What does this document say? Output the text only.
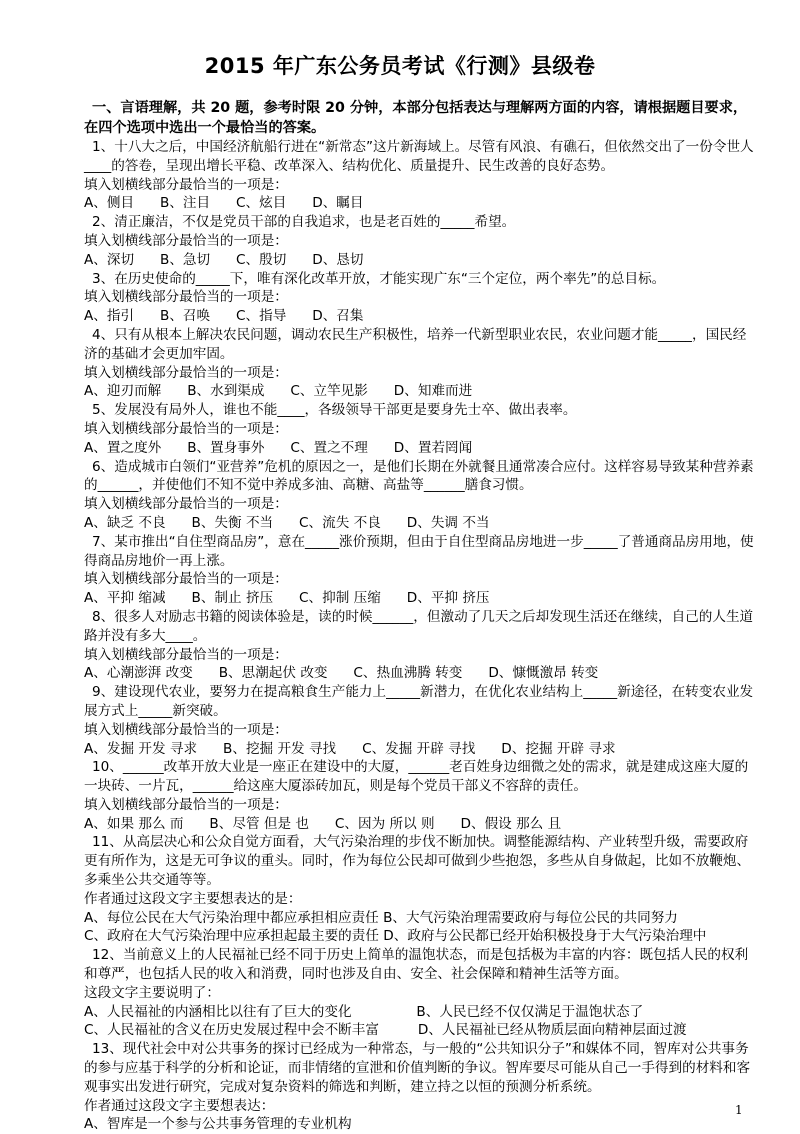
2015 年广东公务员考试《行测》县级卷
一、言语理解，共 20 题，参考时限 20 分钟，本部分包括表达与理解两方面的内容，请根据题目要求，在四个选项中选出一个最恰当的答案。
1、十八大之后，中国经济航船行进在“新常态”这片新海域上。尽管有风浪、有礁石，但依然交出了一份令世人____的答卷，呈现出增长平稳、改革深入、结构优化、质量提升、民生改善的良好态势。
填入划横线部分最恰当的一项是：
A、侧目      B、注目      C、炫目      D、瞩目
2、清正廉洁，不仅是党员干部的自我追求，也是老百姓的_____希望。
填入划横线部分最恰当的一项是：
A、深切      B、急切      C、殷切      D、恳切
3、在历史使命的_____下，唯有深化改革开放，才能实现广东“三个定位，两个率先”的总目标。
填入划横线部分最恰当的一项是：
A、指引      B、召唤      C、指导      D、召集
4、只有从根本上解决农民问题，调动农民生产积极性，培养一代新型职业农民，农业问题才能_____，国民经济的基础才会更加牢固。
填入划横线部分最恰当的一项是：
A、迎刃而解      B、水到渠成      C、立竿见影      D、知难而进
5、发展没有局外人，谁也不能____，各级领导干部更是要身先士卒、做出表率。
填入划横线部分最恰当的一项是：
A、置之度外      B、置身事外      C、置之不理      D、置若罔闻
6、造成城市白领们“亚营养”危机的原因之一，是他们长期在外就餐且通常凑合应付。这样容易导致某种营养素的______，并使他们不知不觉中养成多油、高糖、高盐等______膳食习惯。
填入划横线部分最恰当的一项是：
A、缺乏 不良      B、失衡 不当      C、流失 不良      D、失调 不当
7、某市推出“自住型商品房”，意在_____涨价预期，但由于自住型商品房地进一步_____了普通商品房用地，使得商品房地价一再上涨。
填入划横线部分最恰当的一项是：
A、平抑 缩减      B、制止 挤压      C、抑制 压缩      D、平抑 挤压
8、很多人对励志书籍的阅读体验是，读的时候______，但激动了几天之后却发现生活还在继续，自己的人生道路并没有多大____。
填入划横线部分最恰当的一项是：
A、心潮澎湃 改变      B、思潮起伏 改变      C、热血沸腾 转变      D、慷慨激昂 转变
9、建设现代农业，要努力在提高粮食生产能力上_____新潜力，在优化农业结构上_____新途径，在转变农业发展方式上_____新突破。
填入划横线部分最恰当的一项是：
A、发掘 开发 寻求      B、挖掘 开发 寻找      C、发掘 开辟 寻找      D、挖掘 开辟 寻求
10、______改革开放大业是一座正在建设中的大厦，______老百姓身边细微之处的需求，就是建成这座大厦的一块砖、一片瓦，______给这座大厦添砖加瓦，则是每个党员干部义不容辞的责任。
填入划横线部分最恰当的一项是：
A、如果 那么 而      B、尽管 但是 也      C、因为 所以 则      D、假设 那么 且
11、从高层决心和公众自觉方面看，大气污染治理的步伐不断加快。调整能源结构、产业转型升级，需要政府更有所作为，这是无可争议的重头。同时，作为每位公民却可做到少些抱怨，多些从自身做起，比如不放鞭炮、多乘坐公共交通等等。
作者通过这段文字主要想表达的是：
A、每位公民在大气污染治理中都应承担相应责任 B、大气污染治理需要政府与每位公民的共同努力
C、政府在大气污染治理中应承担起最主要的责任 D、政府与公民都已经开始积极投身于大气污染治理中
12、当前意义上的人民福祉已经不同于历史上简单的温饱状态，而是包括极为丰富的内容：既包括人民的权利和尊严，也包括人民的收入和消费，同时也涉及自由、安全、社会保障和精神生活等方面。
这段文字主要说明了：
A、人民福祉的内涵相比以往有了巨大的变化               B、人民已经不仅仅满足于温饱状态了
C、人民福祉的含义在历史发展过程中会不断丰富         D、人民福祉已经从物质层面向精神层面过渡
13、现代社会中对公共事务的探讨已经成为一种常态，与一般的“公共知识分子”和媒体不同，智库对公共事务的参与应基于科学的分析和论证，而非情绪的宣泄和价值判断的争议。智库要尽可能从自己一手得到的材料和客观事实出发进行研究，完成对复杂资料的筛选和判断，建立持之以恒的预测分析系统。
作者通过这段文字主要想表达：
A、智库是一个参与公共事务管理的专业机构
1
